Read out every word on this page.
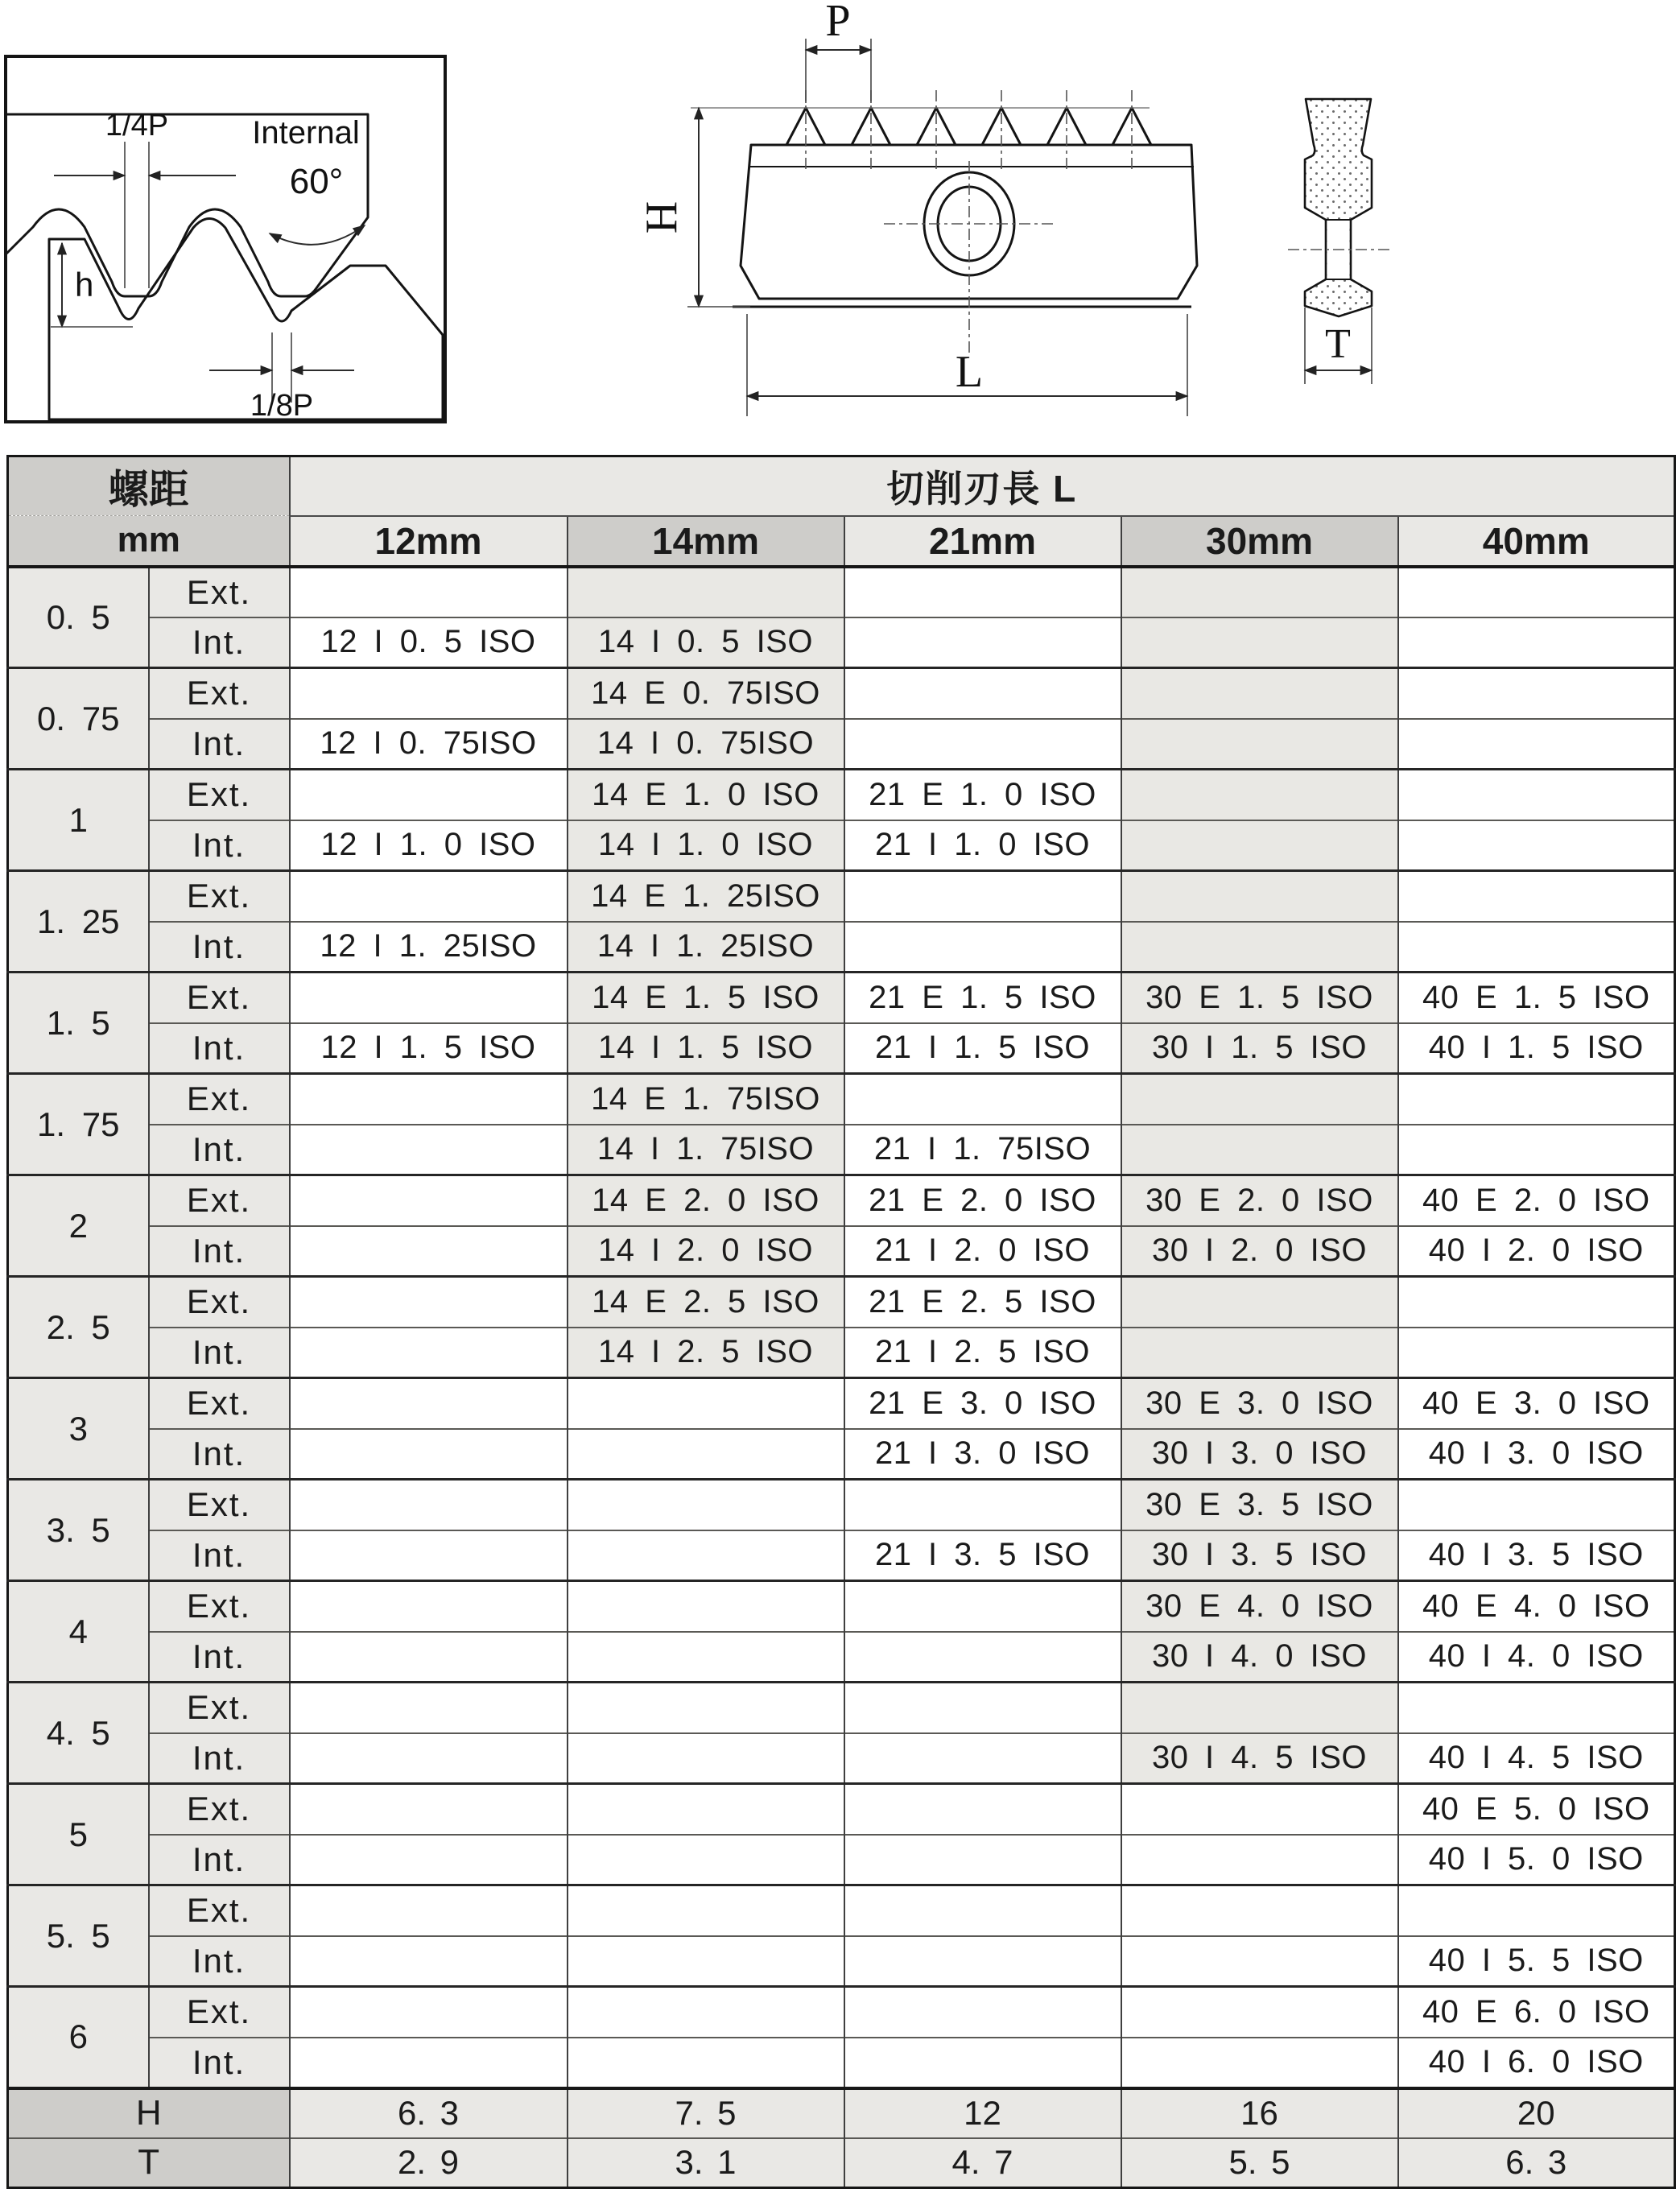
1/4P	Internal
60°
h
1/8P
P
H
L
T
螺距		切削刃長 L				
mm		12mm	14mm	21mm	30mm	40mm
0. 5	Ext.					
	Int.	12 I 0. 5 ISO	14 I 0. 5 ISO			
0. 75	Ext.		14 E 0. 75ISO			
	Int.	12 I 0. 75ISO	14 I 0. 75ISO			
1	Ext.		14 E 1. 0 ISO	21 E 1. 0 ISO		
	Int.	12 I 1. 0 ISO	14 I 1. 0 ISO	21 I 1. 0 ISO		
1. 25	Ext.		14 E 1. 25ISO			
	Int.	12 I 1. 25ISO	14 I 1. 25ISO			
1. 5	Ext.		14 E 1. 5 ISO	21 E 1. 5 ISO	30 E 1. 5 ISO	40 E 1. 5 ISO
	Int.	12 I 1. 5 ISO	14 I 1. 5 ISO	21 I 1. 5 ISO	30 I 1. 5 ISO	40 I 1. 5 ISO
1. 75	Ext.		14 E 1. 75ISO			
	Int.		14 I 1. 75ISO	21 I 1. 75ISO		
2	Ext.		14 E 2. 0 ISO	21 E 2. 0 ISO	30 E 2. 0 ISO	40 E 2. 0 ISO
	Int.		14 I 2. 0 ISO	21 I 2. 0 ISO	30 I 2. 0 ISO	40 I 2. 0 ISO
2. 5	Ext.		14 E 2. 5 ISO	21 E 2. 5 ISO		
	Int.		14 I 2. 5 ISO	21 I 2. 5 ISO		
3	Ext.			21 E 3. 0 ISO	30 E 3. 0 ISO	40 E 3. 0 ISO
	Int.			21 I 3. 0 ISO	30 I 3. 0 ISO	40 I 3. 0 ISO
3. 5	Ext.				30 E 3. 5 ISO	
	Int.			21 I 3. 5 ISO	30 I 3. 5 ISO	40 I 3. 5 ISO
4	Ext.				30 E 4. 0 ISO	40 E 4. 0 ISO
	Int.				30 I 4. 0 ISO	40 I 4. 0 ISO
4. 5	Ext.					
	Int.				30 I 4. 5 ISO	40 I 4. 5 ISO
5	Ext.					40 E 5. 0 ISO
	Int.					40 I 5. 0 ISO
5. 5	Ext.					
	Int.					40 I 5. 5 ISO
6	Ext.					40 E 6. 0 ISO
	Int.					40 I 6. 0 ISO
H		6. 3	7. 5	12	16	20
T		2. 9	3. 1	4. 7	5. 5	6. 3
